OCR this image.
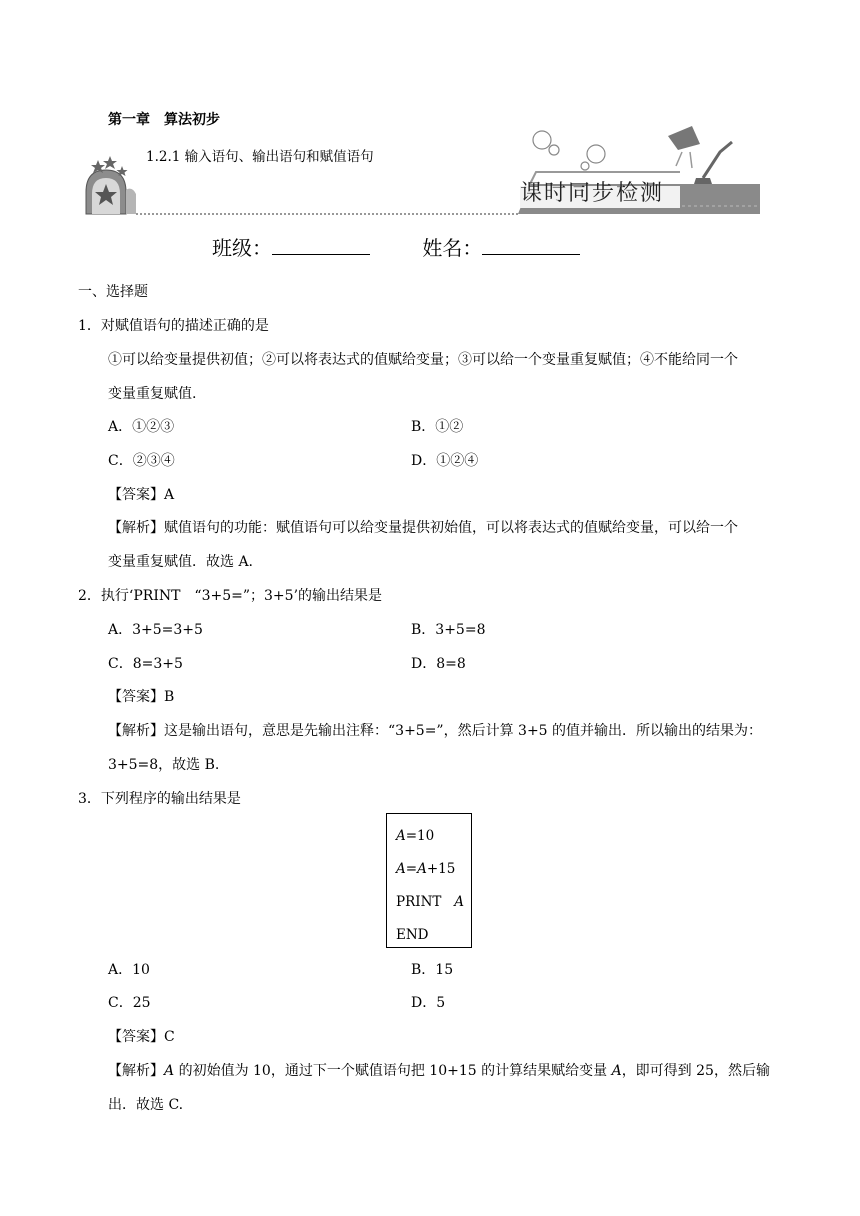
第一章 算法初步
1.2.1 输入语句、输出语句和赋值语句
课时同步检测
班级：	姓名：
一、选择题
1．对赋值语句的描述正确的是
①可以给变量提供初值；②可以将表达式的值赋给变量；③可以给一个变量重复赋值；④不能给同一个
变量重复赋值.
A．①②③	B．①②
C．②③④	D．①②④
【答案】A
【解析】赋值语句的功能：赋值语句可以给变量提供初始值，可以将表达式的值赋给变量，可以给一个
变量重复赋值．故选 A.
2．执行‘PRINT　“3+5=”；3+5’的输出结果是
A．3+5=3+5	B．3+5=8
C．8=3+5	D．8=8
【答案】B
【解析】这是输出语句，意思是先输出注释：“3+5=”，然后计算 3+5 的值并输出．所以输出的结果为：
3+5=8，故选 B.
3．下列程序的输出结果是
A=10
A=A+15
PRINT   A
END
A．10	B．15
C．25	D．5
【答案】C
【解析】A 的初始值为 10，通过下一个赋值语句把 10+15 的计算结果赋给变量 A，即可得到 25，然后输
出．故选 C.
